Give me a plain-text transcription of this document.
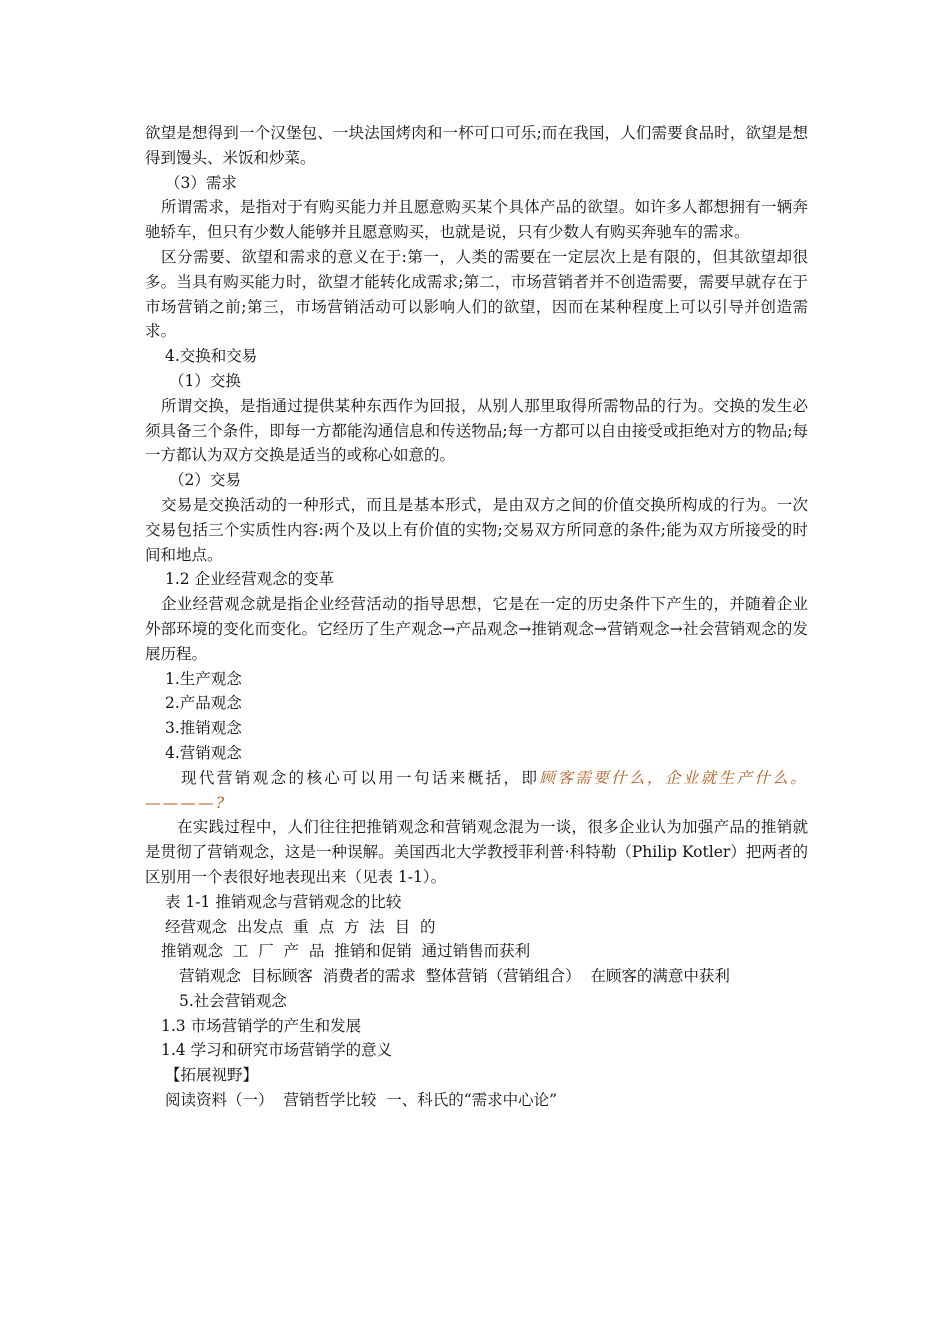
欲望是想得到一个汉堡包、一块法国烤肉和一杯可口可乐;而在我国，人们需要食品时，欲望是想得到馒头、米饭和炒菜。

（3）需求

所谓需求，是指对于有购买能力并且愿意购买某个具体产品的欲望。如许多人都想拥有一辆奔驰轿车，但只有少数人能够并且愿意购买，也就是说，只有少数人有购买奔驰车的需求。

区分需要、欲望和需求的意义在于:第一，人类的需要在一定层次上是有限的，但其欲望却很多。当具有购买能力时，欲望才能转化成需求;第二，市场营销者并不创造需要，需要早就存在于市场营销之前;第三，市场营销活动可以影响人们的欲望，因而在某种程度上可以引导并创造需求。

4.交换和交易

（1）交换

所谓交换，是指通过提供某种东西作为回报，从别人那里取得所需物品的行为。交换的发生必须具备三个条件，即每一方都能沟通信息和传送物品;每一方都可以自由接受或拒绝对方的物品;每一方都认为双方交换是适当的或称心如意的。

（2）交易

交易是交换活动的一种形式，而且是基本形式，是由双方之间的价值交换所构成的行为。一次交易包括三个实质性内容:两个及以上有价值的实物;交易双方所同意的条件;能为双方所接受的时间和地点。

1.2 企业经营观念的变革

企业经营观念就是指企业经营活动的指导思想，它是在一定的历史条件下产生的，并随着企业外部环境的变化而变化。它经历了生产观念→产品观念→推销观念→营销观念→社会营销观念的发展历程。

1.生产观念

2.产品观念

3.推销观念

4.营销观念

现代营销观念的核心可以用一句话来概括，即顾客需要什么，企业就生产什么。————?

在实践过程中，人们往往把推销观念和营销观念混为一谈，很多企业认为加强产品的推销就是贯彻了营销观念，这是一种误解。美国西北大学教授菲利普·科特勒（Philip Kotler）把两者的区别用一个表很好地表现出来（见表 1-1）。

表 1-1 推销观念与营销观念的比较

经营观念  出发点  重  点  方  法  目  的

推销观念  工  厂  产  品  推销和促销  通过销售而获利

营销观念  目标顾客  消费者的需求  整体营销（营销组合）  在顾客的满意中获利

5.社会营销观念

1.3 市场营销学的产生和发展

1.4 学习和研究市场营销学的意义

【拓展视野】

阅读资料（一）  营销哲学比较  一、科氏的“需求中心论”
